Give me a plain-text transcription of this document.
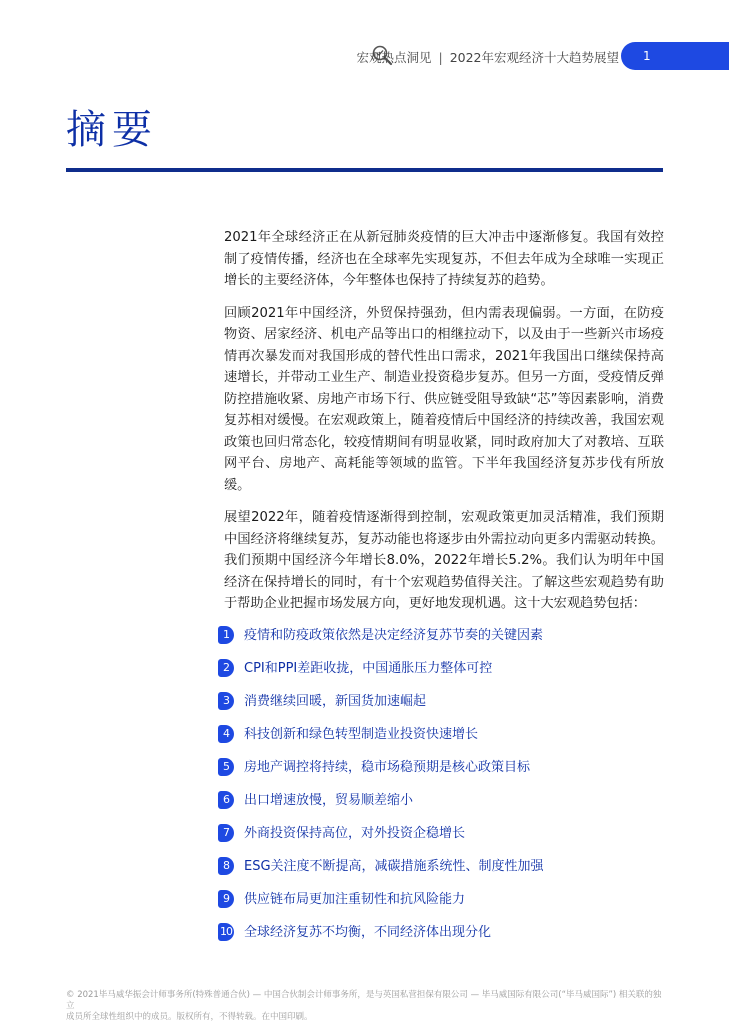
宏观热点洞见 | 2022年宏观经济十大趋势展望 1
摘要

2021年全球经济正在从新冠肺炎疫情的巨大冲击中逐渐修复。我国有效控制了疫情传播，经济也在全球率先实现复苏，不但去年成为全球唯一实现正增长的主要经济体，今年整体也保持了持续复苏的趋势。

回顾2021年中国经济，外贸保持强劲，但内需表现偏弱。一方面，在防疫物资、居家经济、机电产品等出口的相继拉动下，以及由于一些新兴市场疫情再次暴发而对我国形成的替代性出口需求，2021年我国出口继续保持高速增长，并带动工业生产、制造业投资稳步复苏。但另一方面，受疫情反弹防控措施收紧、房地产市场下行、供应链受阻导致缺“芯”等因素影响，消费复苏相对缓慢。在宏观政策上，随着疫情后中国经济的持续改善，我国宏观政策也回归常态化，较疫情期间有明显收紧，同时政府加大了对教培、互联网平台、房地产、高耗能等领域的监管。下半年我国经济复苏步伐有所放缓。

展望2022年，随着疫情逐渐得到控制，宏观政策更加灵活精准，我们预期中国经济将继续复苏，复苏动能也将逐步由外需拉动向更多内需驱动转换。我们预期中国经济今年增长8.0%，2022年增长5.2%。我们认为明年中国经济在保持增长的同时，有十个宏观趋势值得关注。了解这些宏观趋势有助于帮助企业把握市场发展方向，更好地发现机遇。这十大宏观趋势包括：

1	疫情和防疫政策依然是决定经济复苏节奏的关键因素
2	CPI和PPI差距收拢，中国通胀压力整体可控
3	消费继续回暖，新国货加速崛起
4	科技创新和绿色转型制造业投资快速增长
5	房地产调控将持续，稳市场稳预期是核心政策目标
6	出口增速放慢，贸易顺差缩小
7	外商投资保持高位，对外投资企稳增长
8	ESG关注度不断提高，减碳措施系统性、制度性加强
9	供应链布局更加注重韧性和抗风险能力
10 全球经济复苏不均衡，不同经济体出现分化
© 2021毕马威华振会计师事务所(特殊普通合伙) — 中国合伙制会计师事务所，是与英国私营担保有限公司 — 毕马威国际有限公司(“毕马威国际”) 相关联的独立
成员所全球性组织中的成员。版权所有，不得转载。在中国印刷。
